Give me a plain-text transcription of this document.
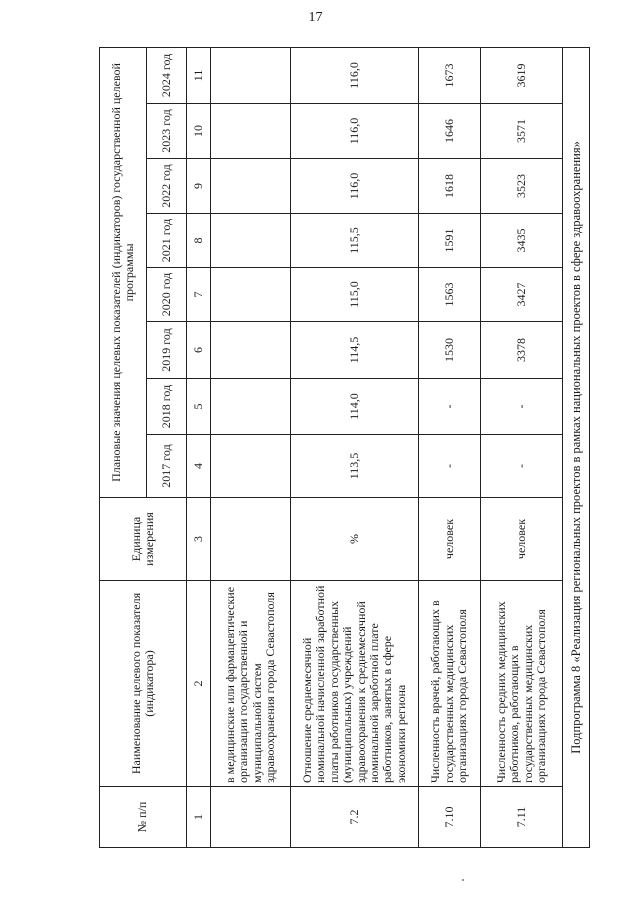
17
№ п/п	Наименование целевого показателя (индикатора)	Единица измерения	Плановые значения целевых показателей (индикаторов) государственной целевой программы							
			2017 год	2018 год	2019 год	2020 год	2021 год	2022 год	2023 год	2024 год
1	2	3	4	5	6	7	8	9	10	11
	в медицинские или фармацевтические организации государственной и муниципальной систем здравоохранения города Севастополя									
7.2	Отношение среднемесячной номинальной начисленной заработной платы работников государственных (муниципальных) учреждений здравоохранения к среднемесячной номинальной заработной плате работников, занятых в сфере экономики региона	%	113,5	114,0	114,5	115,0	115,5	116,0	116,0	116,0
7.10	Численность врачей, работающих в государственных медицинских организациях города Севастополя	человек	-	-	1530	1563	1591	1618	1646	1673
7.11	Численность средних медицинских работников, работающих в государственных медицинских организациях города Севастополя	человек	-	-	3378	3427	3435	3523	3571	3619
Подпрограмма 8 «Реализация региональных проектов в рамках национальных проектов в сфере здравоохранения»										
